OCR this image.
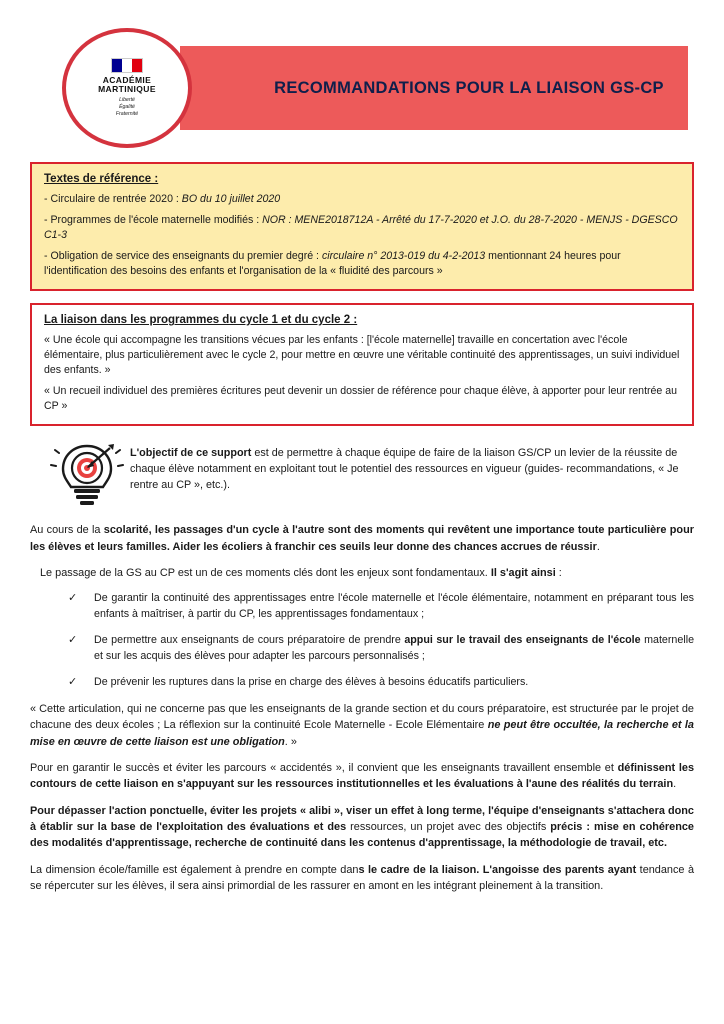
RECOMMANDATIONS POUR LA LIAISON GS-CP
ACADÉMIE
MARTINIQUE
Liberté
Égalité
Fraternité
Textes de référence :

- Circulaire de rentrée 2020 : BO du 10 juillet 2020

- Programmes de l'école maternelle modifiés : NOR : MENE2018712A - Arrêté du 17-7-2020 et J.O. du 28-7-2020 - MENJS - DGESCO C1-3

- Obligation de service des enseignants du premier degré : circulaire n° 2013-019 du 4-2-2013 mentionnant 24 heures pour l'identification des besoins des enfants et l'organisation de la « fluidité des parcours »

La liaison dans les programmes du cycle 1 et du cycle 2 :

« Une école qui accompagne les transitions vécues par les enfants : [l'école maternelle] travaille en concertation avec l'école élémentaire, plus particulièrement avec le cycle 2, pour mettre en œuvre une véritable continuité des apprentissages, un suivi individuel des enfants. »

« Un recueil individuel des premières écritures peut devenir un dossier de référence pour chaque élève, à apporter pour leur rentrée au CP »

L'objectif de ce support est de permettre à chaque équipe de faire de la liaison GS/CP un levier de la réussite de chaque élève notamment en exploitant tout le potentiel des ressources en vigueur (guides- recommandations, « Je rentre au CP », etc.).

Au cours de la scolarité, les passages d'un cycle à l'autre sont des moments qui revêtent une importance toute particulière pour les élèves et leurs familles. Aider les écoliers à franchir ces seuils leur donne des chances accrues de réussir.

Le passage de la GS au CP est un de ces moments clés dont les enjeux sont fondamentaux. Il s'agit ainsi :

✓ De garantir la continuité des apprentissages entre l'école maternelle et l'école élémentaire, notamment en préparant tous les enfants à maîtriser, à partir du CP, les apprentissages fondamentaux ;
✓ De permettre aux enseignants de cours préparatoire de prendre appui sur le travail des enseignants de l'école maternelle et sur les acquis des élèves pour adapter les parcours personnalisés ;
✓ De prévenir les ruptures dans la prise en charge des élèves à besoins éducatifs particuliers.

« Cette articulation, qui ne concerne pas que les enseignants de la grande section et du cours préparatoire, est structurée par le projet de chacune des deux écoles ; La réflexion sur la continuité Ecole Maternelle - Ecole Elémentaire ne peut être occultée, la recherche et la mise en œuvre de cette liaison est une obligation. »

Pour en garantir le succès et éviter les parcours « accidentés », il convient que les enseignants travaillent ensemble et définissent les contours de cette liaison en s'appuyant sur les ressources institutionnelles et les évaluations à l'aune des réalités du terrain.

Pour dépasser l'action ponctuelle, éviter les projets « alibi », viser un effet à long terme, l'équipe d'enseignants s'attachera donc à établir sur la base de l'exploitation des évaluations et des ressources, un projet avec des objectifs précis : mise en cohérence des modalités d'apprentissage, recherche de continuité dans les contenus d'apprentissage, la méthodologie de travail, etc.

La dimension école/famille est également à prendre en compte dans le cadre de la liaison. L'angoisse des parents ayant tendance à se répercuter sur les élèves, il sera ainsi primordial de les rassurer en amont en les intégrant pleinement à la transition.
